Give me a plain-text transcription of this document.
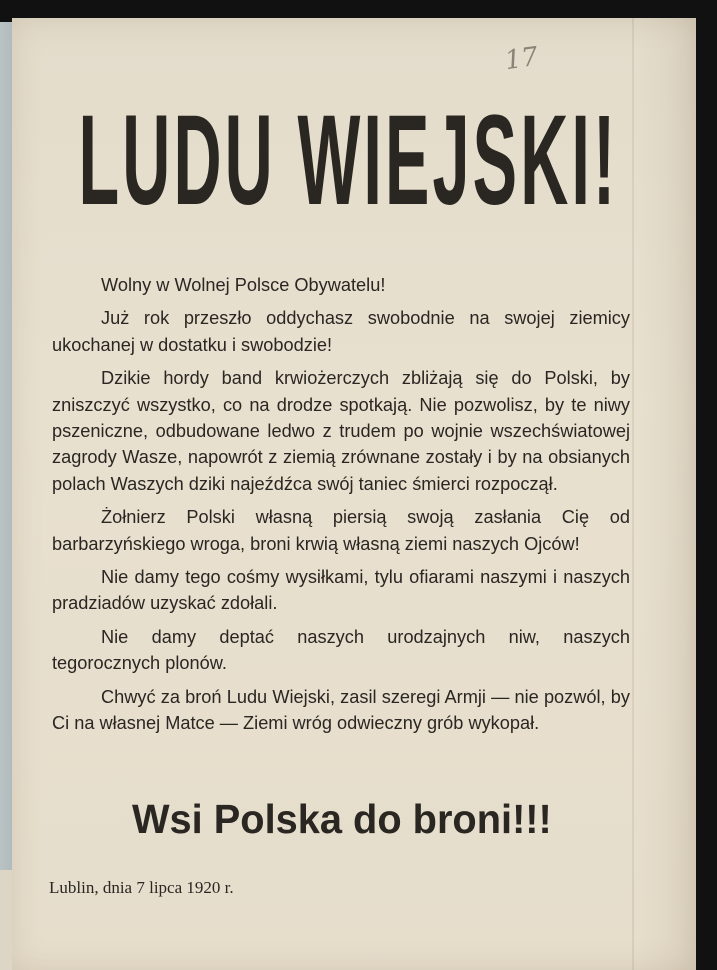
17
LUDU WIEJSKI!

Wolny w Wolnej Polsce Obywatelu!

Już rok przeszło oddychasz swobodnie na swojej ziemicy ukochanej w dostatku i swobodzie!

Dzikie hordy band krwiożerczych zbliżają się do Polski, by zniszczyć wszystko, co na drodze spotkają. Nie pozwolisz, by te niwy pszeniczne, odbudowane ledwo z trudem po wojnie wszechświatowej zagrody Wasze, napowrót z ziemią zrównane zostały i by na obsianych polach Waszych dziki najeźdźca swój taniec śmierci rozpoczął.

Żołnierz Polski własną piersią swoją zasłania Cię od barbarzyńskiego wroga, broni krwią własną ziemi naszych Ojców!

Nie damy tego cośmy wysiłkami, tylu ofiarami naszymi i naszych pradziadów uzyskać zdołali.

Nie damy deptać naszych urodzajnych niw, naszych tegorocznych plonów.

Chwyć za broń Ludu Wiejski, zasil szeregi Armji — nie pozwól, by Ci na własnej Matce — Ziemi wróg odwieczny grób wykopał.

Wsi Polska do broni!!!
Lublin, dnia 7 lipca 1920 r.
